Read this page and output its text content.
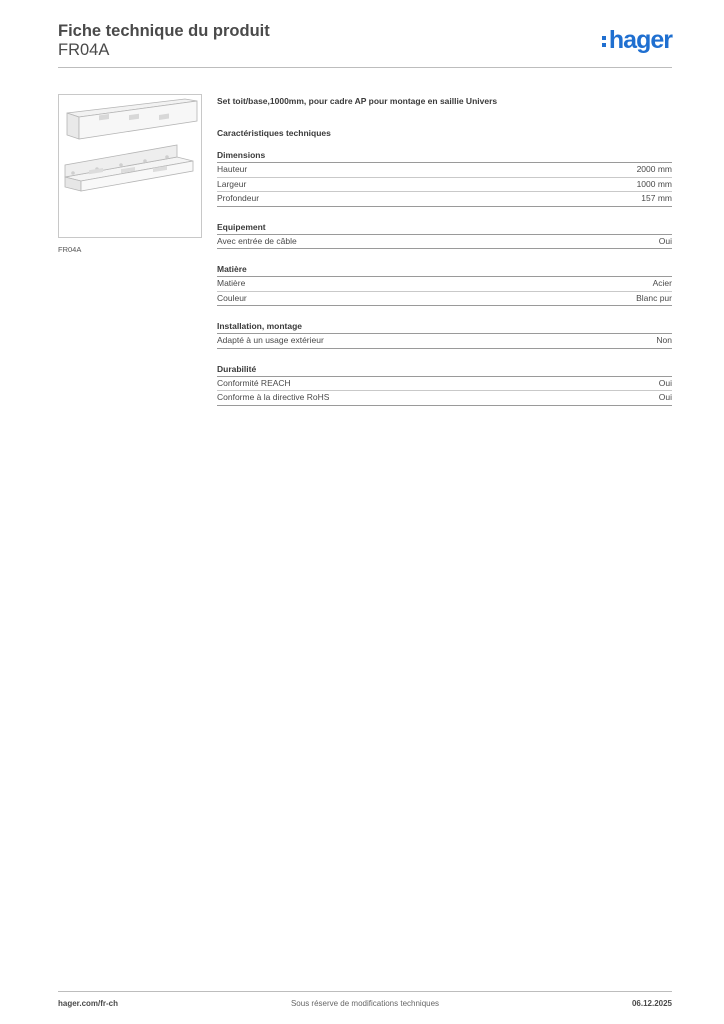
Fiche technique du produit
FR04A	hager
FR04A
Set toit/base,1000mm, pour cadre AP pour montage en saillie Univers
Caractéristiques techniques
Dimensions
Hauteur	2000 mm
Largeur	1000 mm
Profondeur	157 mm
Equipement
Avec entrée de câble	Oui
Matière
Matière	Acier
Couleur	Blanc pur
Installation, montage
Adapté à un usage extérieur	Non
Durabilité
Conformité REACH	Oui
Conforme à la directive RoHS	Oui
hager.com/fr-ch	Sous réserve de modifications techniques	06.12.2025
